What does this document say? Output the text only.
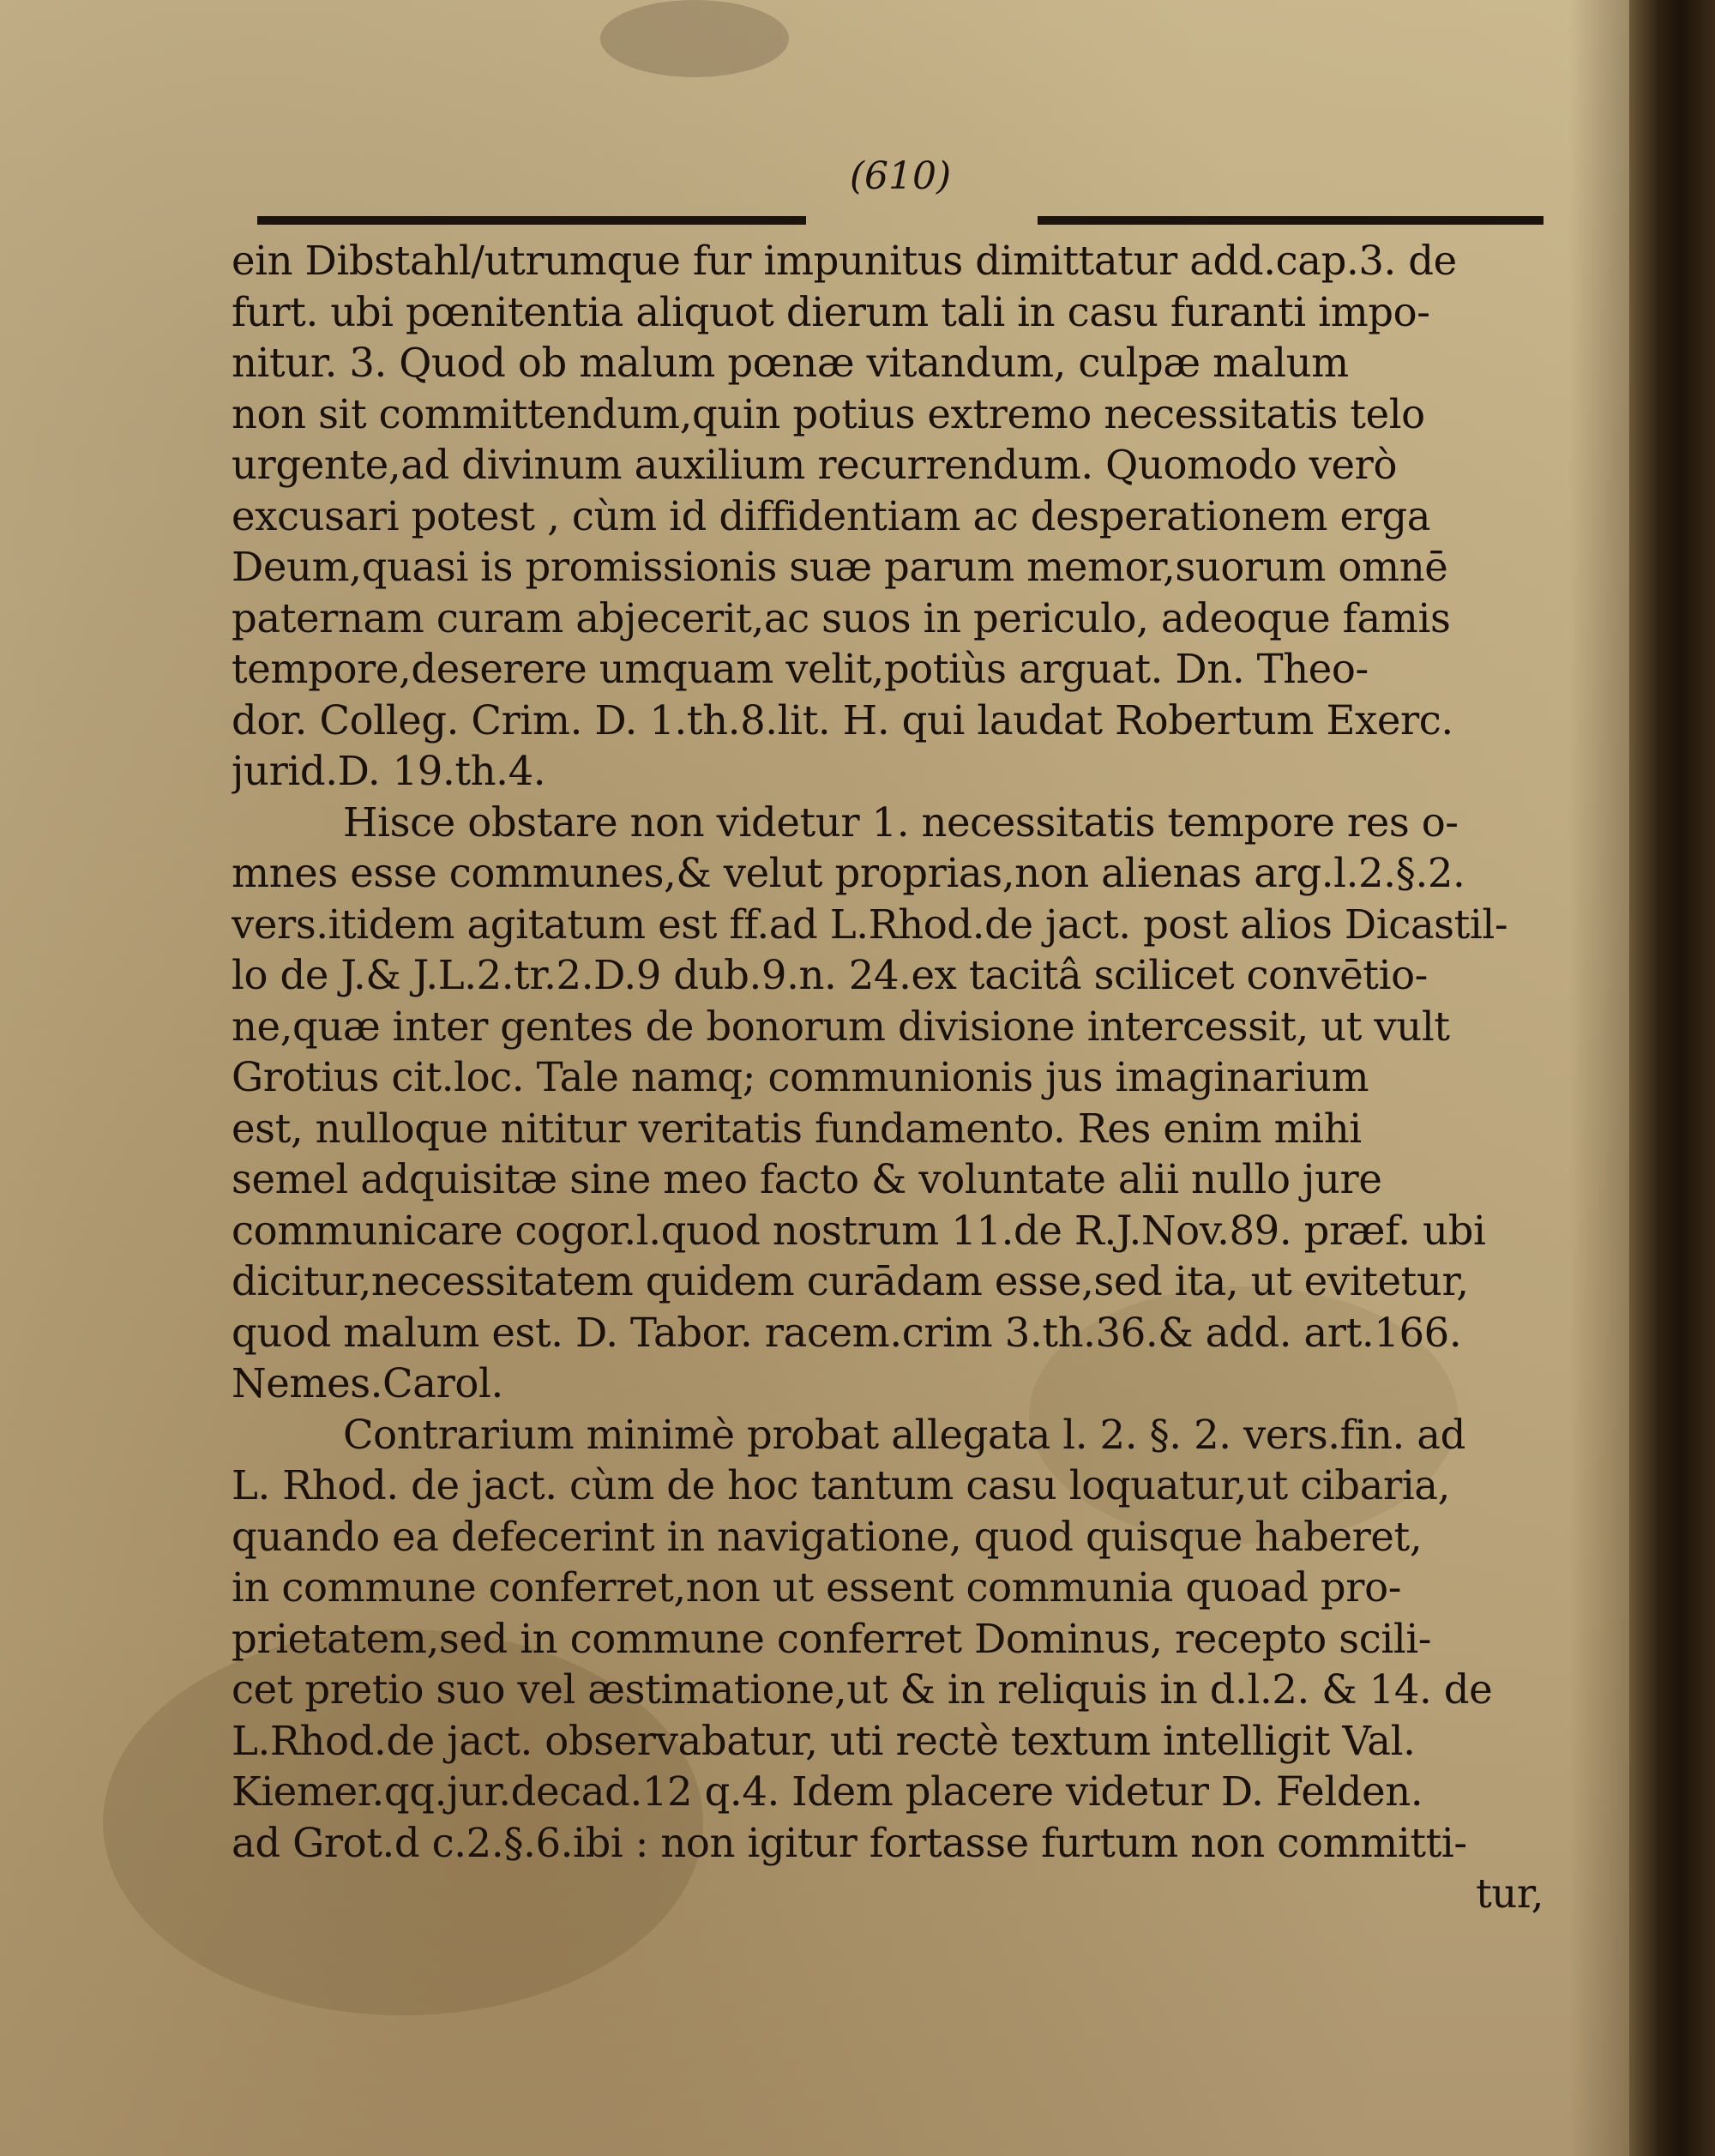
(610)
ein Dibstahl/utrumque fur impunitus dimittatur add.cap.3. de
furt. ubi pœnitentia aliquot dierum tali in casu furanti impo-
nitur. 3. Quod ob malum pœnæ vitandum, culpæ malum
non sit committendum,quin potius extremo necessitatis telo
urgente,ad divinum auxilium recurrendum. Quomodo verò
excusari potest , cùm id diffidentiam ac desperationem erga
Deum,quasi is promissionis suæ parum memor,suorum omnē
paternam curam abjecerit,ac suos in periculo, adeoque famis
tempore,deserere umquam velit,potiùs arguat. Dn. Theo-
dor. Colleg. Crim. D. 1.th.8.lit. H. qui laudat Robertum Exerc.
jurid.D. 19.th.4.
Hisce obstare non videtur 1. necessitatis tempore res o-
mnes esse communes,& velut proprias,non alienas arg.l.2.§.2.
vers.itidem agitatum est ff.ad L.Rhod.de jact. post alios Dicastil-
lo de J.& J.L.2.tr.2.D.9 dub.9.n. 24.ex tacitâ scilicet convētio-
ne,quæ inter gentes de bonorum divisione intercessit, ut vult
Grotius cit.loc. Tale namq; communionis jus imaginarium
est, nulloque nititur veritatis fundamento. Res enim mihi
semel adquisitæ sine meo facto & voluntate alii nullo jure
communicare cogor.l.quod nostrum 11.de R.J.Nov.89. præf. ubi
dicitur,necessitatem quidem curādam esse,sed ita, ut evitetur,
quod malum est. D. Tabor. racem.crim 3.th.36.& add. art.166.
Nemes.Carol.
Contrarium minimè probat allegata l. 2. §. 2. vers.fin. ad
L. Rhod. de jact. cùm de hoc tantum casu loquatur,ut cibaria,
quando ea defecerint in navigatione, quod quisque haberet,
in commune conferret,non ut essent communia quoad pro-
prietatem,sed in commune conferret Dominus, recepto scili-
cet pretio suo vel æstimatione,ut & in reliquis in d.l.2. & 14. de
L.Rhod.de jact. observabatur, uti rectè textum intelligit Val.
Kiemer.qq.jur.decad.12 q.4. Idem placere videtur D. Felden.
ad Grot.d c.2.§.6.ibi : non igitur fortasse furtum non committi-
tur,
